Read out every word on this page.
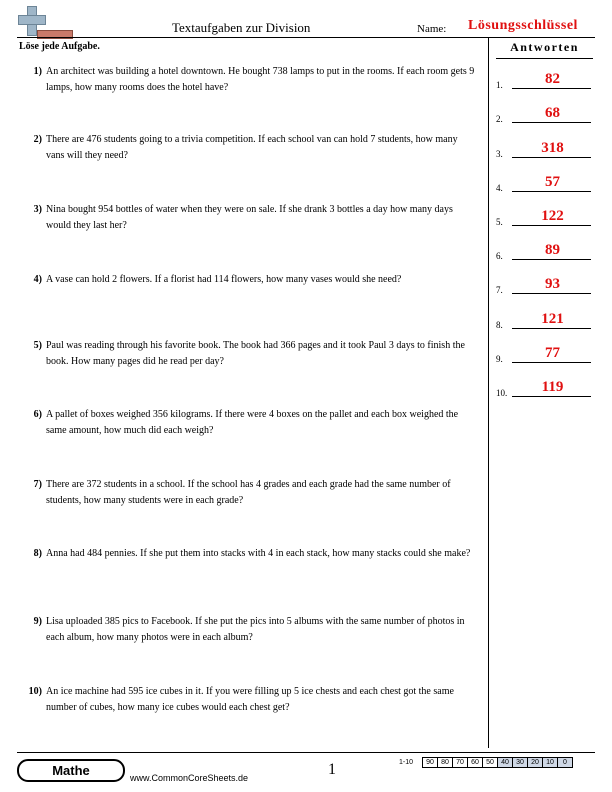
Textaufgaben zur Division	Name: Lösungsschlüssel
Löse jede Aufgabe.	Antworten
1) An architect was building a hotel downtown. He bought 738 lamps to put in the rooms. If each room gets 9 lamps, how many rooms does the hotel have?
2) There are 476 students going to a trivia competition. If each school van can hold 7 students, how many vans will they need?
3) Nina bought 954 bottles of water when they were on sale. If she drank 3 bottles a day how many days would they last her?
4) A vase can hold 2 flowers. If a florist had 114 flowers, how many vases would she need?
5) Paul was reading through his favorite book. The book had 366 pages and it took Paul 3 days to finish the book. How many pages did he read per day?
6) A pallet of boxes weighed 356 kilograms. If there were 4 boxes on the pallet and each box weighed the same amount, how much did each weigh?
7) There are 372 students in a school. If the school has 4 grades and each grade had the same number of students, how many students were in each grade?
8) Anna had 484 pennies. If she put them into stacks with 4 in each stack, how many stacks could she make?
9) Lisa uploaded 385 pics to Facebook. If she put the pics into 5 albums with the same number of photos in each album, how many photos were in each album?
10) An ice machine had 595 ice cubes in it. If you were filling up 5 ice chests and each chest got the same number of cubes, how many ice cubes would each chest get?
1.	82
2.	68
3.	318
4.	57
5.	122
6.	89
7.	93
8.	121
9.	77
10.	119
Mathe	www.CommonCoreSheets.de	1	1-10	90	80	70	60	50	40	30	20	10	0
